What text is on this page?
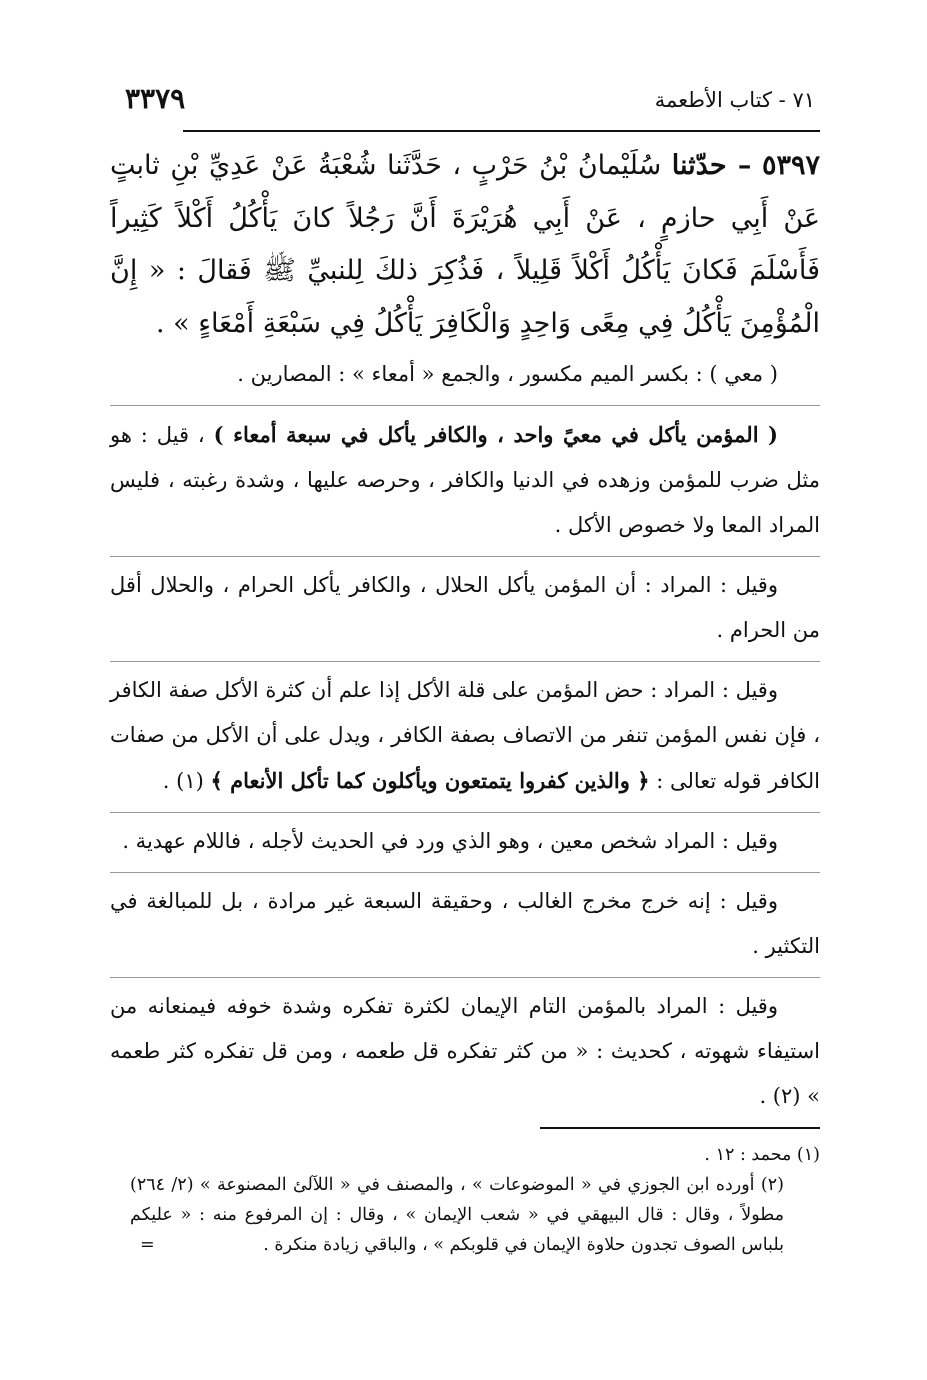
٧١ - كتاب الأطعمة
٣٣٧٩

٥٣٩٧ – حدّثنا سُلَيْمانُ بْنُ حَرْبٍ ، حَدَّثَنا شُعْبَةُ عَنْ عَدِيِّ بْنِ ثابتٍ عَنْ أَبِي حازمٍ ، عَنْ أَبِي هُرَيْرَةَ أَنَّ رَجُلاً كانَ يَأْكُلُ أَكْلاً كَثِيراً فَأَسْلَمَ فَكانَ يَأْكُلُ أَكْلاً قَلِيلاً ، فَذُكِرَ ذلكَ لِلنبيِّ ﷺ فَقالَ : « إِنَّ الْمُؤْمِنَ يَأْكُلُ فِي مِعًى وَاحِدٍ وَالْكَافِرَ يَأْكُلُ فِي سَبْعَةِ أَمْعَاءٍ » .

( معي ) : بكسر الميم مكسور ، والجمع « أمعاء » : المصارين .

( المؤمن يأكل في معيً واحد ، والكافر يأكل في سبعة أمعاء ) ، قيل : هو مثل ضرب للمؤمن وزهده في الدنيا والكافر ، وحرصه عليها ، وشدة رغبته ، فليس المراد المعا ولا خصوص الأكل .

وقيل : المراد : أن المؤمن يأكل الحلال ، والكافر يأكل الحرام ، والحلال أقل من الحرام .

وقيل : المراد : حض المؤمن على قلة الأكل إذا علم أن كثرة الأكل صفة الكافر ، فإن نفس المؤمن تنفر من الاتصاف بصفة الكافر ، ويدل على أن الأكل من صفات الكافر قوله تعالى : ﴿ والذين كفروا يتمتعون ويأكلون كما تأكل الأنعام ﴾ (١) .

وقيل : المراد شخص معين ، وهو الذي ورد في الحديث لأجله ، فاللام عهدية .

وقيل : إنه خرج مخرج الغالب ، وحقيقة السبعة غير مرادة ، بل للمبالغة في التكثير .

وقيل : المراد بالمؤمن التام الإيمان لكثرة تفكره وشدة خوفه فيمنعانه من استيفاء شهوته ، كحديث : « من كثر تفكره قل طعمه ، ومن قل تفكره كثر طعمه » (٢) .

(١) محمد : ١٢ .

(٢) أورده ابن الجوزي في « الموضوعات » ، والمصنف في « اللآلئ المصنوعة » (٢/ ٢٦٤) مطولاً ، وقال : قال البيهقي في « شعب الإيمان » ، وقال : إن المرفوع منه : « عليكم بلباس الصوف تجدون حلاوة الإيمان في قلوبكم » ، والباقي زيادة منكرة .
=
